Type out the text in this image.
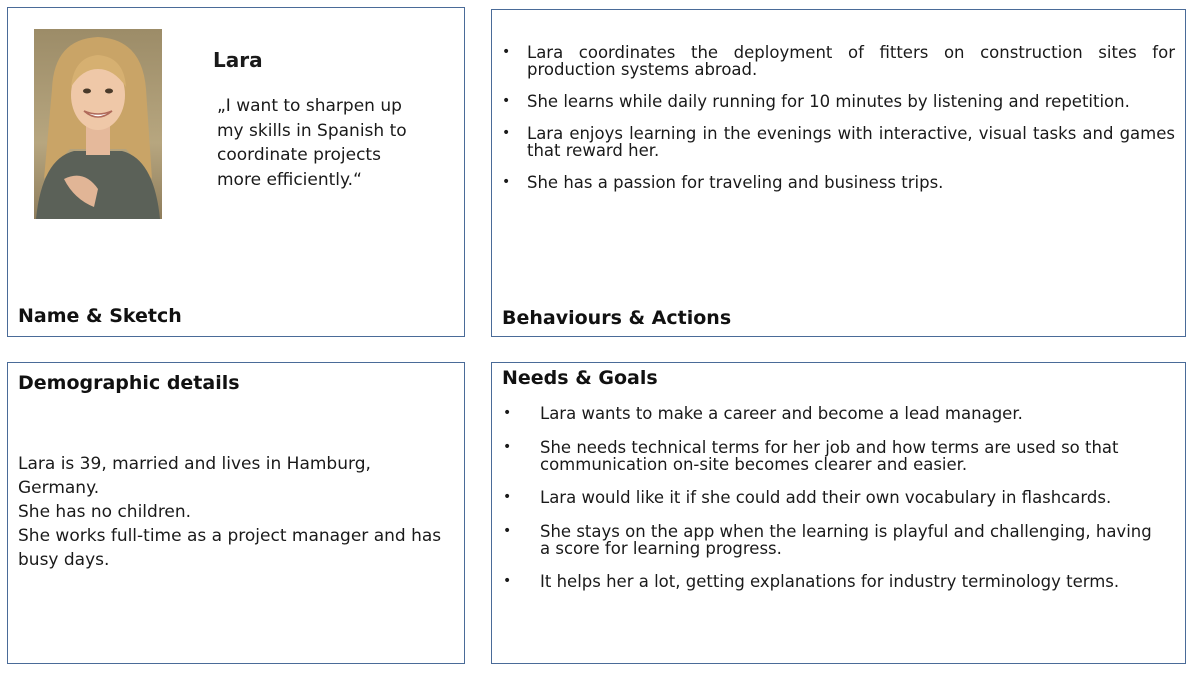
Lara
„I want to sharpen up my skills in Spanish to coordinate projects more efficiently.“
Name & Sketch
• Lara coordinates the deployment of fitters on construction sites for production systems abroad.
• She learns while daily running for 10 minutes by listening and repetition.
• Lara enjoys learning in the evenings with interactive, visual tasks and games that reward her.
• She has a passion for traveling and business trips.
Behaviours & Actions
Demographic details

Lara is 39, married and lives in Hamburg, Germany.

She has no children.

She works full-time as a project manager and has busy days.

Needs & Goals
• Lara wants to make a career and become a lead manager.
• She needs technical terms for her job and how terms are used so that communication on-site becomes clearer and easier.
• Lara would like it if she could add their own vocabulary in flashcards.
• She stays on the app when the learning is playful and challenging, having a score for learning progress.
• It helps her a lot, getting explanations for industry terminology terms.
